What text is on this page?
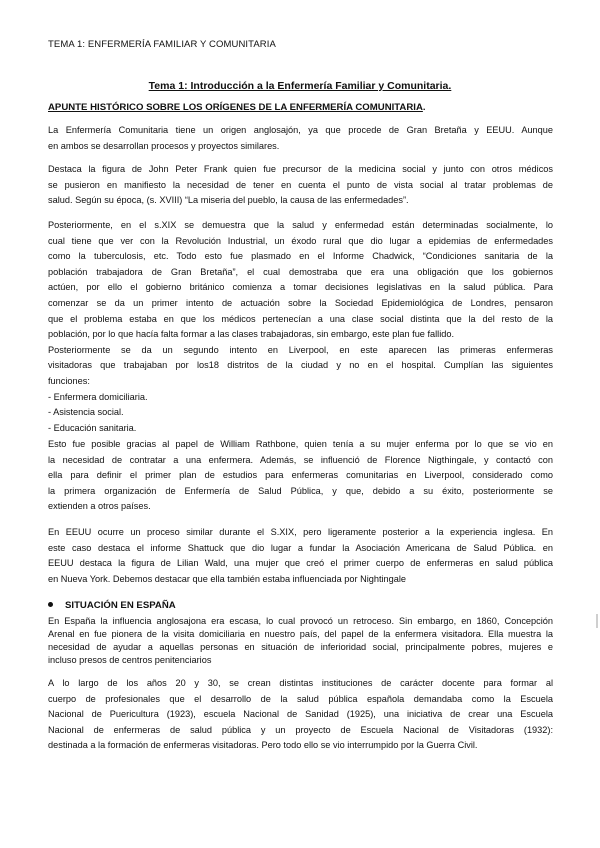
TEMA 1: ENFERMERÍA FAMILIAR Y COMUNITARIA
Tema 1: Introducción a la Enfermería Familiar y Comunitaria.
APUNTE HISTÓRICO SOBRE LOS ORÍGENES DE LA ENFERMERÍA COMUNITARIA.

La Enfermería Comunitaria tiene un origen anglosajón, ya que procede de Gran Bretaña y EEUU. Aunque

en ambos se desarrollan procesos y proyectos similares.

Destaca la figura de John Peter Frank quien fue precursor de la medicina social y junto con otros médicos

se pusieron en manifiesto la necesidad de tener en cuenta el punto de vista social al tratar problemas de

salud. Según su época, (s. XVIII) “La miseria del pueblo, la causa de las enfermedades”.

Posteriormente, en el s.XIX se demuestra que la salud y enfermedad están determinadas socialmente, lo

cual tiene que ver con la Revolución Industrial, un éxodo rural que dio lugar a epidemias de enfermedades

como la tuberculosis, etc. Todo esto fue plasmado en el Informe Chadwick, “Condiciones sanitaria de la

población trabajadora de Gran Bretaña”, el cual demostraba que era una obligación que los gobiernos

actúen, por ello el gobierno británico comienza a tomar decisiones legislativas en la salud pública. Para

comenzar se da un primer intento de actuación sobre la Sociedad Epidemiológica de Londres, pensaron

que el problema estaba en que los médicos pertenecían a una clase social distinta que la del resto de la

población, por lo que hacía falta formar a las clases trabajadoras, sin embargo, este plan fue fallido.

Posteriormente se da un segundo intento en Liverpool, en este aparecen las primeras enfermeras

visitadoras que trabajaban por los18 distritos de la ciudad y no en el hospital. Cumplían las siguientes

funciones:

- Enfermera domiciliaria.

- Asistencia social.

- Educación sanitaria.

Esto fue posible gracias al papel de William Rathbone, quien tenía a su mujer enferma por lo que se vio en

la necesidad de contratar a una enfermera. Además, se influenció de Florence Nigthingale, y contactó con

ella para definir el primer plan de estudios para enfermeras comunitarias en Liverpool, considerado como

la primera organización de Enfermería de Salud Pública, y que, debido a su éxito, posteriormente se

extienden a otros países.

En EEUU ocurre un proceso similar durante el S.XIX, pero ligeramente posterior a la experiencia inglesa. En

este caso destaca el informe Shattuck que dio lugar a fundar la Asociación Americana de Salud Pública. en

EEUU destaca la figura de Lilian Wald, una mujer que creó el primer cuerpo de enfermeras en salud pública

en Nueva York. Debemos destacar que ella también estaba influenciada por Nightingale

SITUACIÓN EN ESPAÑA

En España la influencia anglosajona era escasa, lo cual provocó un retroceso. Sin embargo, en 1860, Concepción

Arenal en fue pionera de la visita domiciliaria en nuestro país, del papel de la enfermera visitadora. Ella muestra la

necesidad de ayudar a aquellas personas en situación de inferioridad social, principalmente pobres, mujeres e

incluso presos de centros penitenciarios

A lo largo de los años 20 y 30, se crean distintas instituciones de carácter docente para formar al

cuerpo de profesionales que el desarrollo de la salud pública española demandaba como la Escuela

Nacional de Puericultura (1923), escuela Nacional de Sanidad (1925), una iniciativa de crear una Escuela

Nacional de enfermeras de salud pública y un proyecto de Escuela Nacional de Visitadoras (1932):

destinada a la formación de enfermeras visitadoras. Pero todo ello se vio interrumpido por la Guerra Civil.
